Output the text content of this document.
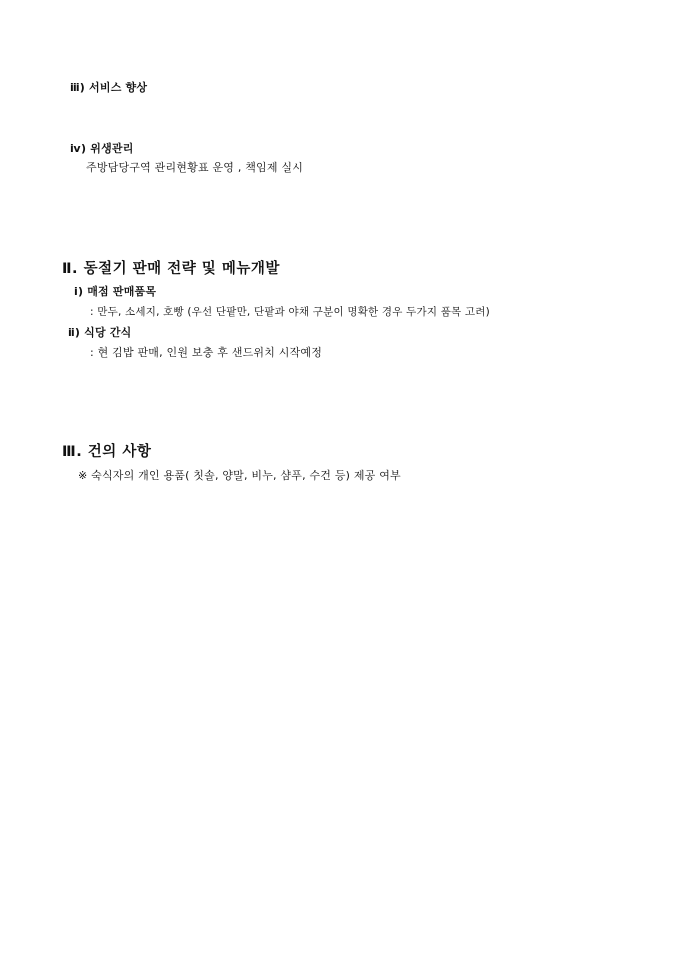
ⅲ) 서비스 향상
ⅳ) 위생관리
주방담당구역 관리현황표 운영 , 책임제 실시
Ⅱ. 동절기 판매 전략 및 메뉴개발
ⅰ) 매점 판매품목
: 만두, 소세지, 호빵 (우선 단팥만, 단팥과 야채 구분이 명확한 경우 두가지 품목 고려)
ⅱ) 식당 간식
: 현 김밥 판매, 인원 보충 후 샌드위치 시작예정
Ⅲ. 건의 사항
※ 숙식자의 개인 용품( 칫솔, 양말, 비누, 샴푸, 수건 등) 제공 여부
